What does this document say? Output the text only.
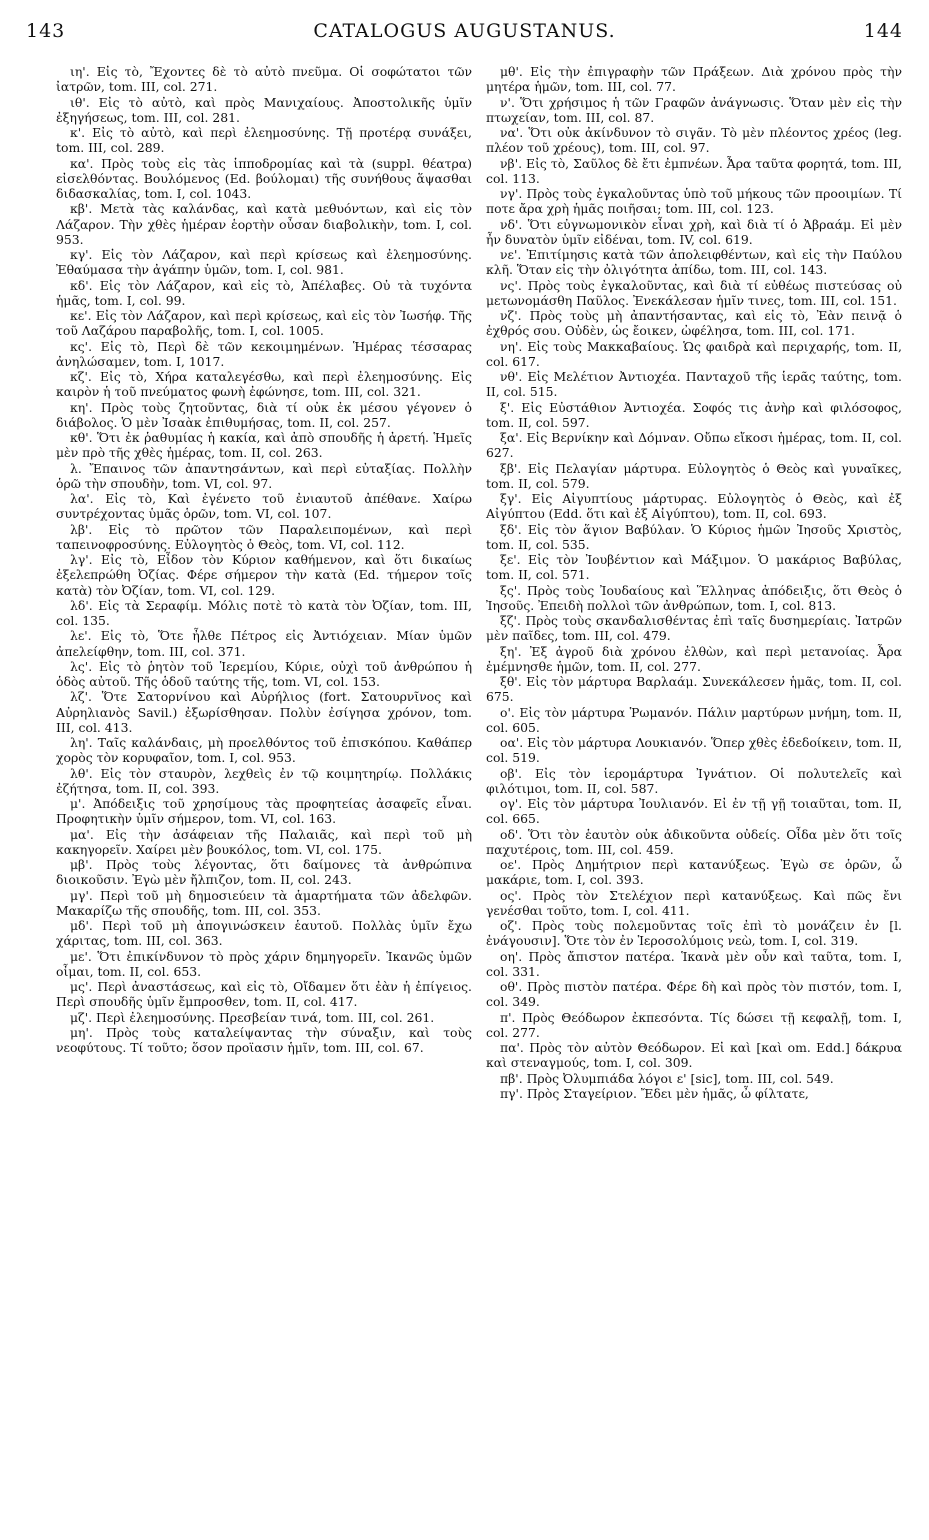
143	CATALOGUS AUGUSTANUS.	144

ιη'. Εἰς τὸ, Ἔχοντες δὲ τὸ αὐτὸ πνεῦμα. Οἱ σοφώτατοι τῶν ἰατρῶν, tom. III, col. 271.

ιθ'. Εἰς τὸ αὐτὸ, καὶ πρὸς Μανιχαίους. Ἀποστολικῆς ὑμῖν ἐξηγήσεως, tom. III, col. 281.

κ'. Εἰς τὸ αὐτὸ, καὶ περὶ ἐλεημοσύνης. Τῇ προτέρᾳ συνάξει, tom. III, col. 289.

κα'. Πρὸς τοὺς εἰς τὰς ἱπποδρομίας καὶ τὰ (suppl. θέατρα) εἰσελθόντας. Βουλόμενος (Ed. βούλομαι) τῆς συνήθους ἅψασθαι διδασκαλίας, tom. I, col. 1043.

κβ'. Μετὰ τὰς καλάνδας, καὶ κατὰ μεθυόντων, καὶ εἰς τὸν Λάζαρον. Τὴν χθὲς ἡμέραν ἑορτὴν οὖσαν διαβολικὴν, tom. I, col. 953.

κγ'. Εἰς τὸν Λάζαρον, καὶ περὶ κρίσεως καὶ ἐλεημοσύνης. Ἐθαύμασα τὴν ἀγάπην ὑμῶν, tom. I, col. 981.

κδ'. Εἰς τὸν Λάζαρον, καὶ εἰς τὸ, Ἀπέλαβες. Οὐ τὰ τυχόντα ἡμᾶς, tom. I, col. 99.

κε'. Εἰς τὸν Λάζαρον, καὶ περὶ κρίσεως, καὶ εἰς τὸν Ἰωσήφ. Τῆς τοῦ Λαζάρου παραβολῆς, tom. I, col. 1005.

κς'. Εἰς τὸ, Περὶ δὲ τῶν κεκοιμημένων. Ἡμέρας τέσσαρας ἀνηλώσαμεν, tom. I, 1017.

κζ'. Εἰς τὸ, Χήρα καταλεγέσθω, καὶ περὶ ἐλεημοσύνης. Εἰς καιρὸν ἡ τοῦ πνεύματος φωνὴ ἐφώνησε, tom. III, col. 321.

κη'. Πρὸς τοὺς ζητοῦντας, διὰ τί οὐκ ἐκ μέσου γέγονεν ὁ διάβολος. Ὁ μὲν Ἰσαὰκ ἐπιθυμήσας, tom. II, col. 257.

κθ'. Ὅτι ἐκ ῥαθυμίας ἡ κακία, καὶ ἀπὸ σπουδῆς ἡ ἀρετή. Ἡμεῖς μὲν πρὸ τῆς χθὲς ἡμέρας, tom. II, col. 263.

λ. Ἔπαινος τῶν ἀπαντησάντων, καὶ περὶ εὐταξίας. Πολλὴν ὁρῶ τὴν σπουδὴν, tom. VI, col. 97.

λα'. Εἰς τὸ, Καὶ ἐγένετο τοῦ ἐνιαυτοῦ ἀπέθανε. Χαίρω συντρέχοντας ὑμᾶς ὁρῶν, tom. VI, col. 107.

λβ'. Εἰς τὸ πρῶτον τῶν Παραλειπομένων, καὶ περὶ ταπεινοφροσύνης. Εὐλογητὸς ὁ Θεὸς, tom. VI, col. 112.

λγ'. Εἰς τὸ, Εἶδον τὸν Κύριον καθήμενον, καὶ ὅτι δικαίως ἐξελεπρώθη Ὀζίας. Φέρε σήμερον τὴν κατὰ (Ed. τήμερον τοῖς κατὰ) τὸν Ὀζίαν, tom. VI, col. 129.

λδ'. Εἰς τὰ Σεραφίμ. Μόλις ποτὲ τὸ κατὰ τὸν Ὀζίαν, tom. III, col. 135.

λε'. Εἰς τὸ, Ὅτε ἦλθε Πέτρος εἰς Ἀντιόχειαν. Μίαν ὑμῶν ἀπελείφθην, tom. III, col. 371.

λς'. Εἰς τὸ ῥητὸν τοῦ Ἱερεμίου, Κύριε, οὐχὶ τοῦ ἀνθρώπου ἡ ὁδὸς αὐτοῦ. Τῆς ὁδοῦ ταύτης τῆς, tom. VI, col. 153.

λζ'. Ὅτε Σατορνίνου καὶ Αὐρήλιος (fort. Σατουρνῖνος καὶ Αὐρηλιανὸς Savil.) ἐξωρίσθησαν. Πολὺν ἐσίγησα χρόνον, tom. III, col. 413.

λη'. Ταῖς καλάνδαις, μὴ προελθόντος τοῦ ἐπισκόπου. Καθάπερ χορὸς τὸν κορυφαῖον, tom. I, col. 953.

λθ'. Εἰς τὸν σταυρὸν, λεχθεὶς ἐν τῷ κοιμητηρίῳ. Πολλάκις ἐζήτησα, tom. II, col. 393.

μ'. Ἀπόδειξις τοῦ χρησίμους τὰς προφητείας ἀσαφεῖς εἶναι. Προφητικὴν ὑμῖν σήμερον, tom. VI, col. 163.

μα'. Εἰς τὴν ἀσάφειαν τῆς Παλαιᾶς, καὶ περὶ τοῦ μὴ κακηγορεῖν. Χαίρει μὲν βουκόλος, tom. VI, col. 175.

μβ'. Πρὸς τοὺς λέγοντας, ὅτι δαίμονες τὰ ἀνθρώπινα διοικοῦσιν. Ἐγὼ μὲν ἤλπιζον, tom. II, col. 243.

μγ'. Περὶ τοῦ μὴ δημοσιεύειν τὰ ἁμαρτήματα τῶν ἀδελφῶν. Μακαρίζω τῆς σπουδῆς, tom. III, col. 353.

μδ'. Περὶ τοῦ μὴ ἀπογινώσκειν ἑαυτοῦ. Πολλὰς ὑμῖν ἔχω χάριτας, tom. III, col. 363.

με'. Ὅτι ἐπικίνδυνον τὸ πρὸς χάριν δημηγορεῖν. Ἱκανῶς ὑμῶν οἶμαι, tom. II, col. 653.

μς'. Περὶ ἀναστάσεως, καὶ εἰς τὸ, Οἴδαμεν ὅτι ἐὰν ἡ ἐπίγειος. Περὶ σπουδῆς ὑμῖν ἔμπροσθεν, tom. II, col. 417.

μζ'. Περὶ ἐλεημοσύνης. Πρεσβείαν τινά, tom. III, col. 261.

μη'. Πρὸς τοὺς καταλείψαντας τὴν σύναξιν, καὶ τοὺς νεοφύτους. Τί τοῦτο; ὅσον προϊασιν ἡμῖν, tom. III, col. 67.

μθ'. Εἰς τὴν ἐπιγραφὴν τῶν Πράξεων. Διὰ χρόνου πρὸς τὴν μητέρα ἡμῶν, tom. III, col. 77.

ν'. Ὅτι χρήσιμος ἡ τῶν Γραφῶν ἀνάγνωσις. Ὅταν μὲν εἰς τὴν πτωχείαν, tom. III, col. 87.

να'. Ὅτι οὐκ ἀκίνδυνον τὸ σιγᾶν. Τὸ μὲν πλέοντος χρέος (leg. πλέον τοῦ χρέους), tom. III, col. 97.

νβ'. Εἰς τὸ, Σαῦλος δὲ ἔτι ἐμπνέων. Ἆρα ταῦτα φορητά, tom. III, col. 113.

νγ'. Πρὸς τοὺς ἐγκαλοῦντας ὑπὸ τοῦ μήκους τῶν προοιμίων. Τί ποτε ἄρα χρὴ ἡμᾶς ποιῆσαι; tom. III, col. 123.

νδ'. Ὅτι εὐγνωμονικὸν εἶναι χρὴ, καὶ διὰ τί ὁ Ἀβραάμ. Εἰ μὲν ἦν δυνατὸν ὑμῖν εἰδέναι, tom. IV, col. 619.

νε'. Ἐπιτίμησις κατὰ τῶν ἀπολειφθέντων, καὶ εἰς τὴν Παύλου κλῆ. Ὅταν εἰς τὴν ὀλιγότητα ἀπίδω, tom. III, col. 143.

νς'. Πρὸς τοὺς ἐγκαλοῦντας, καὶ διὰ τί εὐθέως πιστεύσας οὐ μετωνομάσθη Παῦλος. Ἐνεκάλεσαν ἡμῖν τινες, tom. III, col. 151.

νζ'. Πρὸς τοὺς μὴ ἀπαντήσαντας, καὶ εἰς τὸ, Ἐὰν πεινᾷ ὁ ἐχθρός σου. Οὐδὲν, ὡς ἔοικεν, ὠφέλησα, tom. III, col. 171.

νη'. Εἰς τοὺς Μακκαβαίους. Ὡς φαιδρὰ καὶ περιχαρής, tom. II, col. 617.

νθ'. Εἰς Μελέτιον Ἀντιοχέα. Πανταχοῦ τῆς ἱερᾶς ταύτης, tom. II, col. 515.

ξ'. Εἰς Εὐστάθιον Ἀντιοχέα. Σοφός τις ἀνὴρ καὶ φιλόσοφος, tom. II, col. 597.

ξα'. Εἰς Βερνίκην καὶ Δόμναν. Οὔπω εἴκοσι ἡμέρας, tom. II, col. 627.

ξβ'. Εἰς Πελαγίαν μάρτυρα. Εὐλογητὸς ὁ Θεὸς καὶ γυναῖκες, tom. II, col. 579.

ξγ'. Εἰς Αἰγυπτίους μάρτυρας. Εὐλογητὸς ὁ Θεὸς, καὶ ἐξ Αἰγύπτου (Edd. ὅτι καὶ ἐξ Αἰγύπτου), tom. II, col. 693.

ξδ'. Εἰς τὸν ἅγιον Βαβύλαν. Ὁ Κύριος ἡμῶν Ἰησοῦς Χριστὸς, tom. II, col. 535.

ξε'. Εἰς τὸν Ἰουβέντιον καὶ Μάξιμον. Ὁ μακάριος Βαβύλας, tom. II, col. 571.

ξς'. Πρὸς τοὺς Ἰουδαίους καὶ Ἕλληνας ἀπόδειξις, ὅτι Θεὸς ὁ Ἰησοῦς. Ἐπειδὴ πολλοὶ τῶν ἀνθρώπων, tom. I, col. 813.

ξζ'. Πρὸς τοὺς σκανδαλισθέντας ἐπὶ ταῖς δυσημερίαις. Ἰατρῶν μὲν παῖδες, tom. III, col. 479.

ξη'. Ἐξ ἀγροῦ διὰ χρόνου ἐλθὼν, καὶ περὶ μετανοίας. Ἆρα ἐμέμνησθε ἡμῶν, tom. II, col. 277.

ξθ'. Εἰς τὸν μάρτυρα Βαρλαάμ. Συνεκάλεσεν ἡμᾶς, tom. II, col. 675.

ο'. Εἰς τὸν μάρτυρα Ῥωμανόν. Πάλιν μαρτύρων μνήμη, tom. II, col. 605.

οα'. Εἰς τὸν μάρτυρα Λουκιανόν. Ὅπερ χθὲς ἐδεδοίκειν, tom. II, col. 519.

οβ'. Εἰς τὸν ἱερομάρτυρα Ἰγνάτιον. Οἱ πολυτελεῖς καὶ φιλότιμοι, tom. II, col. 587.

ογ'. Εἰς τὸν μάρτυρα Ἰουλιανόν. Εἰ ἐν τῇ γῇ τοιαῦται, tom. II, col. 665.

οδ'. Ὅτι τὸν ἑαυτὸν οὐκ ἀδικοῦντα οὐδείς. Οἶδα μὲν ὅτι τοῖς παχυτέροις, tom. III, col. 459.

οε'. Πρὸς Δημήτριον περὶ κατανύξεως. Ἐγὼ σε ὁρῶν, ὦ μακάριε, tom. I, col. 393.

ος'. Πρὸς τὸν Στελέχιον περὶ κατανύξεως. Καὶ πῶς ἔνι γενέσθαι τοῦτο, tom. I, col. 411.

οζ'. Πρὸς τοὺς πολεμοῦντας τοῖς ἐπὶ τὸ μονάζειν ἐν [l. ἐνάγουσιν]. Ὅτε τὸν ἐν Ἱεροσολύμοις νεὼ, tom. I, col. 319.

οη'. Πρὸς ἄπιστον πατέρα. Ἱκανὰ μὲν οὖν καὶ ταῦτα, tom. I, col. 331.

οθ'. Πρὸς πιστὸν πατέρα. Φέρε δὴ καὶ πρὸς τὸν πιστόν, tom. I, col. 349.

π'. Πρὸς Θεόδωρον ἐκπεσόντα. Τίς δώσει τῇ κεφαλῇ, tom. I, col. 277.

πα'. Πρὸς τὸν αὐτὸν Θεόδωρον. Εἰ καὶ [καὶ om. Edd.] δάκρυα καὶ στεναγμούς, tom. I, col. 309.

πβ'. Πρὸς Ὀλυμπιάδα λόγοι ε' [sic], tom. III, col. 549.

πγ'. Πρὸς Σταγείριον. Ἔδει μὲν ἡμᾶς, ὦ φίλτατε,
